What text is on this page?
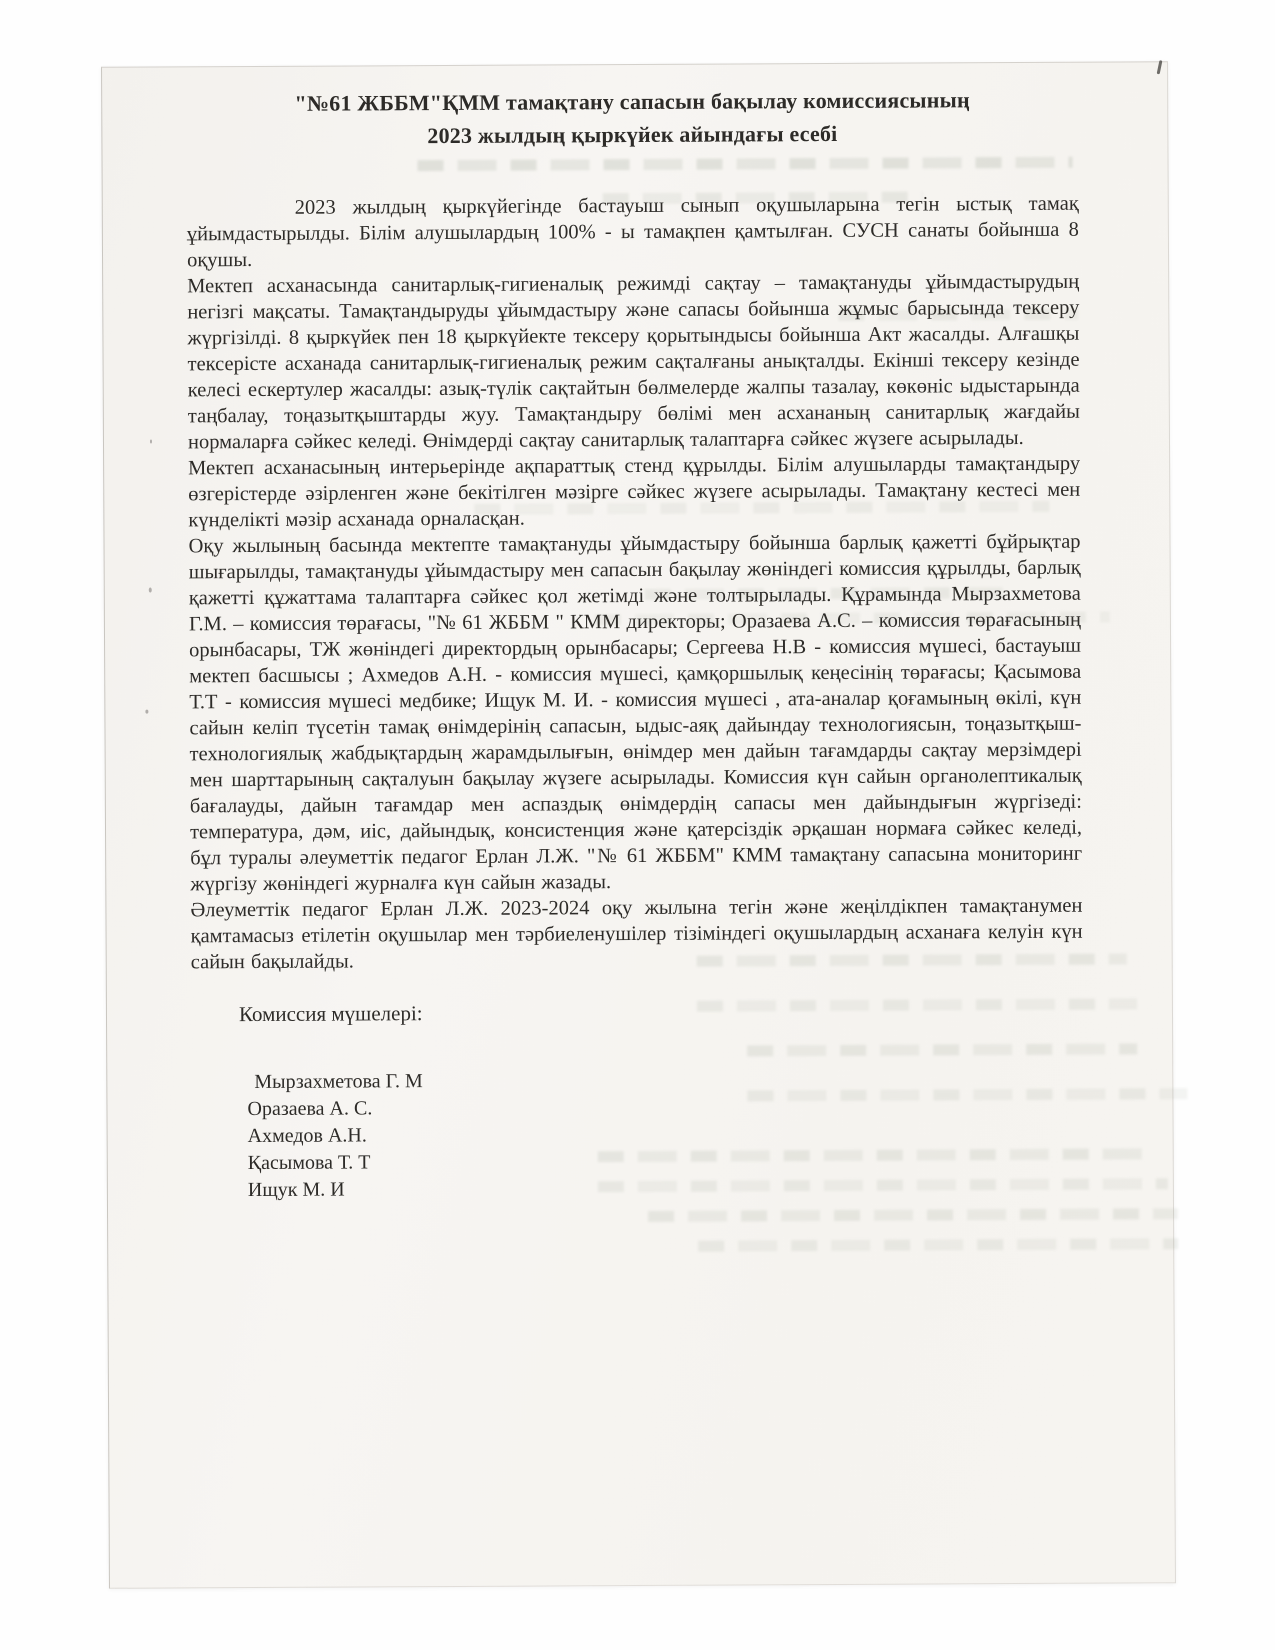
"№61 ЖББМ"ҚММ тамақтану сапасын бақылау комиссиясының
2023 жылдың қыркүйек айындағы есебі

2023 жылдың қыркүйегінде бастауыш сынып оқушыларына тегін ыстық тамақ ұйымдастырылды. Білім алушылардың 100% - ы тамақпен қамтылған. СУСН санаты бойынша 8 оқушы.

Мектеп асханасында санитарлық-гигиеналық режимді сақтау – тамақтануды ұйымдастырудың негізгі мақсаты. Тамақтандыруды ұйымдастыру және сапасы бойынша жұмыс барысында тексеру жүргізілді. 8 қыркүйек пен 18 қыркүйекте тексеру қорытындысы бойынша Акт жасалды. Алғашқы тексерісте асханада санитарлық-гигиеналық режим сақталғаны анықталды. Екінші тексеру кезінде келесі ескертулер жасалды: азық-түлік сақтайтын бөлмелерде жалпы тазалау, көкөніс ыдыстарында таңбалау, тоңазытқыштарды жуу. Тамақтандыру бөлімі мен асхананың санитарлық жағдайы нормаларға сәйкес келеді. Өнімдерді сақтау санитарлық талаптарға сәйкес жүзеге асырылады.

Мектеп асханасының интерьерінде ақпараттық стенд құрылды. Білім алушыларды тамақтандыру өзгерістерде әзірленген және бекітілген мәзірге сәйкес жүзеге асырылады. Тамақтану кестесі мен күнделікті мәзір асханада орналасқан.

Оқу жылының басында мектепте тамақтануды ұйымдастыру бойынша барлық қажетті бұйрықтар шығарылды, тамақтануды ұйымдастыру мен сапасын бақылау жөніндегі комиссия құрылды, барлық қажетті құжаттама талаптарға сәйкес қол жетімді және толтырылады. Құрамында Мырзахметова Г.М. – комиссия төрағасы, "№ 61 ЖББМ " КММ директоры; Оразаева А.С. – комиссия төрағасының орынбасары, ТЖ жөніндегі директордың орынбасары; Сергеева Н.В - комиссия мүшесі, бастауыш мектеп басшысы ; Ахмедов А.Н. - комиссия мүшесі, қамқоршылық кеңесінің төрағасы; Қасымова Т.Т - комиссия мүшесі медбике; Ищук М. И. - комиссия мүшесі , ата-аналар қоғамының өкілі, күн сайын келіп түсетін тамақ өнімдерінің сапасын, ыдыс-аяқ дайындау технологиясын, тоңазытқыш-технологиялық жабдықтардың жарамдылығын, өнімдер мен дайын тағамдарды сақтау мерзімдері мен шарттарының сақталуын бақылау жүзеге асырылады. Комиссия күн сайын органолептикалық бағалауды, дайын тағамдар мен аспаздық өнімдердің сапасы мен дайындығын жүргізеді: температура, дәм, иіс, дайындық, консистенция және қатерсіздік әрқашан нормаға сәйкес келеді, бұл туралы әлеуметтік педагог Ерлан Л.Ж. "№ 61 ЖББМ" КММ тамақтану сапасына мониторинг жүргізу жөніндегі журналға күн сайын жазады.

Әлеуметтік педагог Ерлан Л.Ж. 2023-2024 оқу жылына тегін және жеңілдікпен тамақтанумен қамтамасыз етілетін оқушылар мен тәрбиеленушілер тізіміндегі оқушылардың асханаға келуін күн сайын бақылайды.

Комиссия мүшелері:
Мырзахметова Г. М
Оразаева А. С.
Ахмедов А.Н.
Қасымова Т. Т
Ищук М. И
